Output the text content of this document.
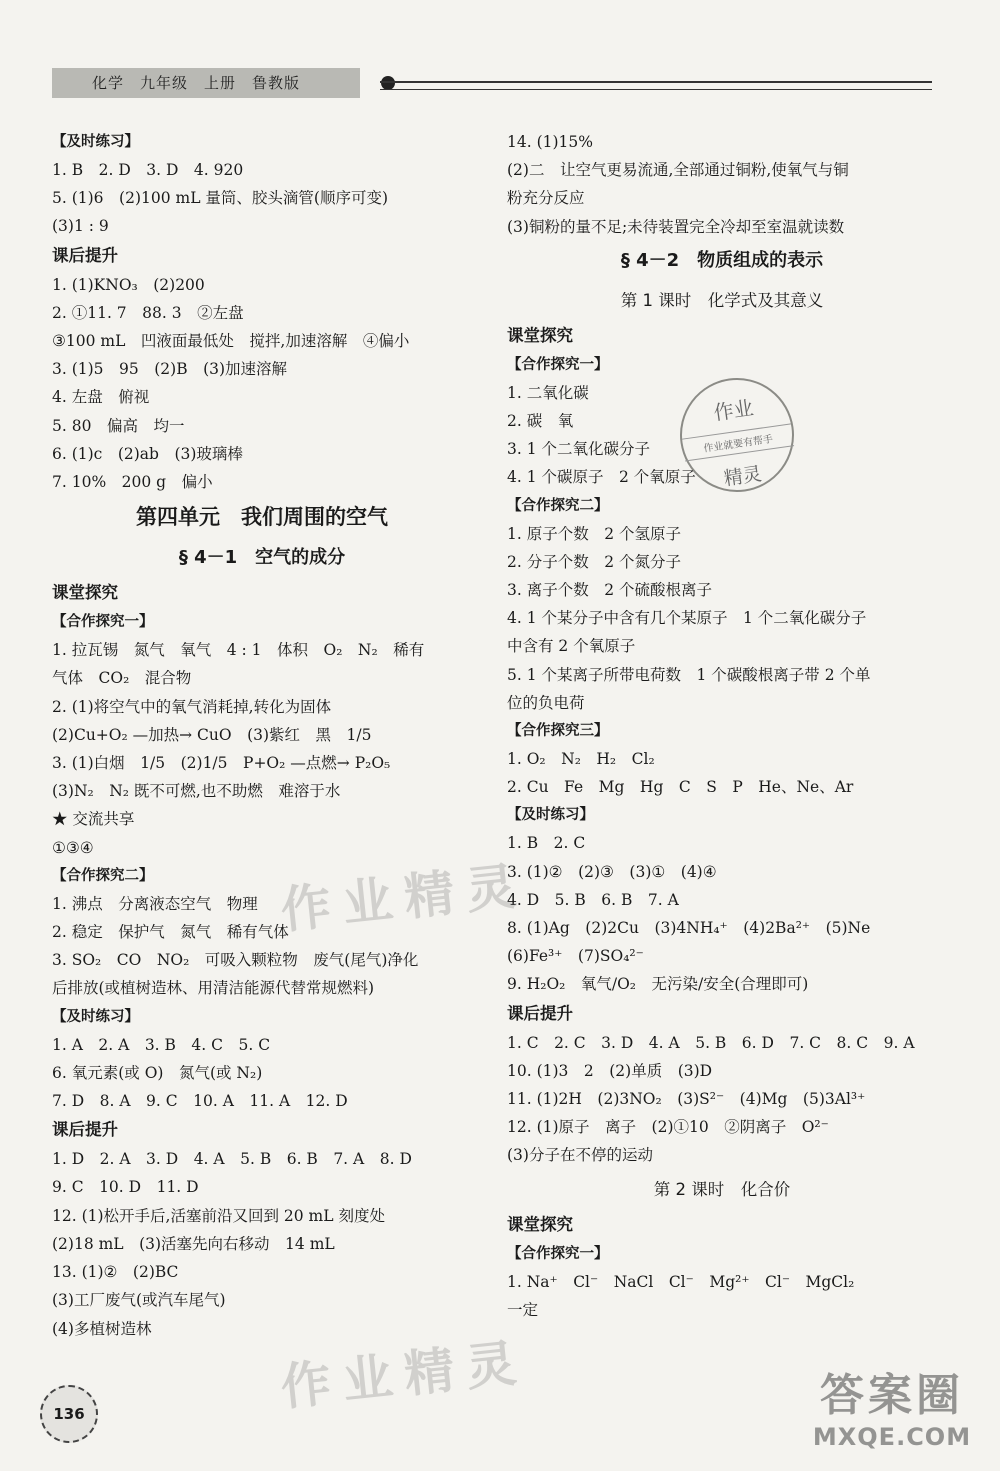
化学　九年级　上册　鲁教版
【及时练习】
1. B　2. D　3. D　4. 920
5. (1)6　(2)100 mL 量筒、胶头滴管(顺序可变)
(3)1 : 9
课后提升
1. (1)KNO₃　(2)200
2. ①11. 7　88. 3　②左盘
③100 mL　凹液面最低处　搅拌,加速溶解　④偏小
3. (1)5　95　(2)B　(3)加速溶解
4. 左盘　俯视
5. 80　偏高　均一
6. (1)c　(2)ab　(3)玻璃棒
7. 10%　200 g　偏小
第四单元　我们周围的空气
§ 4－1　空气的成分
课堂探究
【合作探究一】
1. 拉瓦锡　氮气　氧气　4 : 1　体积　O₂　N₂　稀有
气体　CO₂　混合物
2. (1)将空气中的氧气消耗掉,转化为固体
(2)Cu+O₂ —加热→ CuO　(3)紫红　黑　1/5
3. (1)白烟　1/5　(2)1/5　P+O₂ —点燃→ P₂O₅
(3)N₂　N₂ 既不可燃,也不助燃　难溶于水
★ 交流共享
①③④
【合作探究二】
1. 沸点　分离液态空气　物理
2. 稳定　保护气　氮气　稀有气体
3. SO₂　CO　NO₂　可吸入颗粒物　废气(尾气)净化
后排放(或植树造林、用清洁能源代替常规燃料)
【及时练习】
1. A　2. A　3. B　4. C　5. C
6. 氧元素(或 O)　氮气(或 N₂)
7. D　8. A　9. C　10. A　11. A　12. D
课后提升
1. D　2. A　3. D　4. A　5. B　6. B　7. A　8. D
9. C　10. D　11. D
12. (1)松开手后,活塞前沿又回到 20 mL 刻度处
(2)18 mL　(3)活塞先向右移动　14 mL
13. (1)②　(2)BC
(3)工厂废气(或汽车尾气)
(4)多植树造林
14. (1)15%
(2)二　让空气更易流通,全部通过铜粉,使氧气与铜
粉充分反应
(3)铜粉的量不足;未待装置完全冷却至室温就读数
§ 4－2　物质组成的表示
第 1 课时　化学式及其意义
课堂探究
【合作探究一】
1. 二氧化碳
2. 碳　氧
3. 1 个二氧化碳分子
4. 1 个碳原子　2 个氧原子
【合作探究二】
1. 原子个数　2 个氢原子
2. 分子个数　2 个氮分子
3. 离子个数　2 个硫酸根离子
4. 1 个某分子中含有几个某原子　1 个二氧化碳分子
中含有 2 个氧原子
5. 1 个某离子所带电荷数　1 个碳酸根离子带 2 个单
位的负电荷
【合作探究三】
1. O₂　N₂　H₂　Cl₂
2. Cu　Fe　Mg　Hg　C　S　P　He、Ne、Ar
【及时练习】
1. B　2. C
3. (1)②　(2)③　(3)①　(4)④
4. D　5. B　6. B　7. A
8. (1)Ag　(2)2Cu　(3)4NH₄⁺　(4)2Ba²⁺　(5)Ne
(6)Fe³⁺　(7)SO₄²⁻
9. H₂O₂　氧气/O₂　无污染/安全(合理即可)
课后提升
1. C　2. C　3. D　4. A　5. B　6. D　7. C　8. C　9. A
10. (1)3　2　(2)单质　(3)D
11. (1)2H　(2)3NO₂　(3)S²⁻　(4)Mg　(5)3Al³⁺
12. (1)原子　离子　(2)①10　②阴离子　O²⁻
(3)分子在不停的运动
第 2 课时　化合价
课堂探究
【合作探究一】
1. Na⁺　Cl⁻　NaCl　Cl⁻　Mg²⁺　Cl⁻　MgCl₂
一定
作业
作业就要有帮手
精灵
作业精灵
作业精灵
136	答案圈
MXQE.COM
